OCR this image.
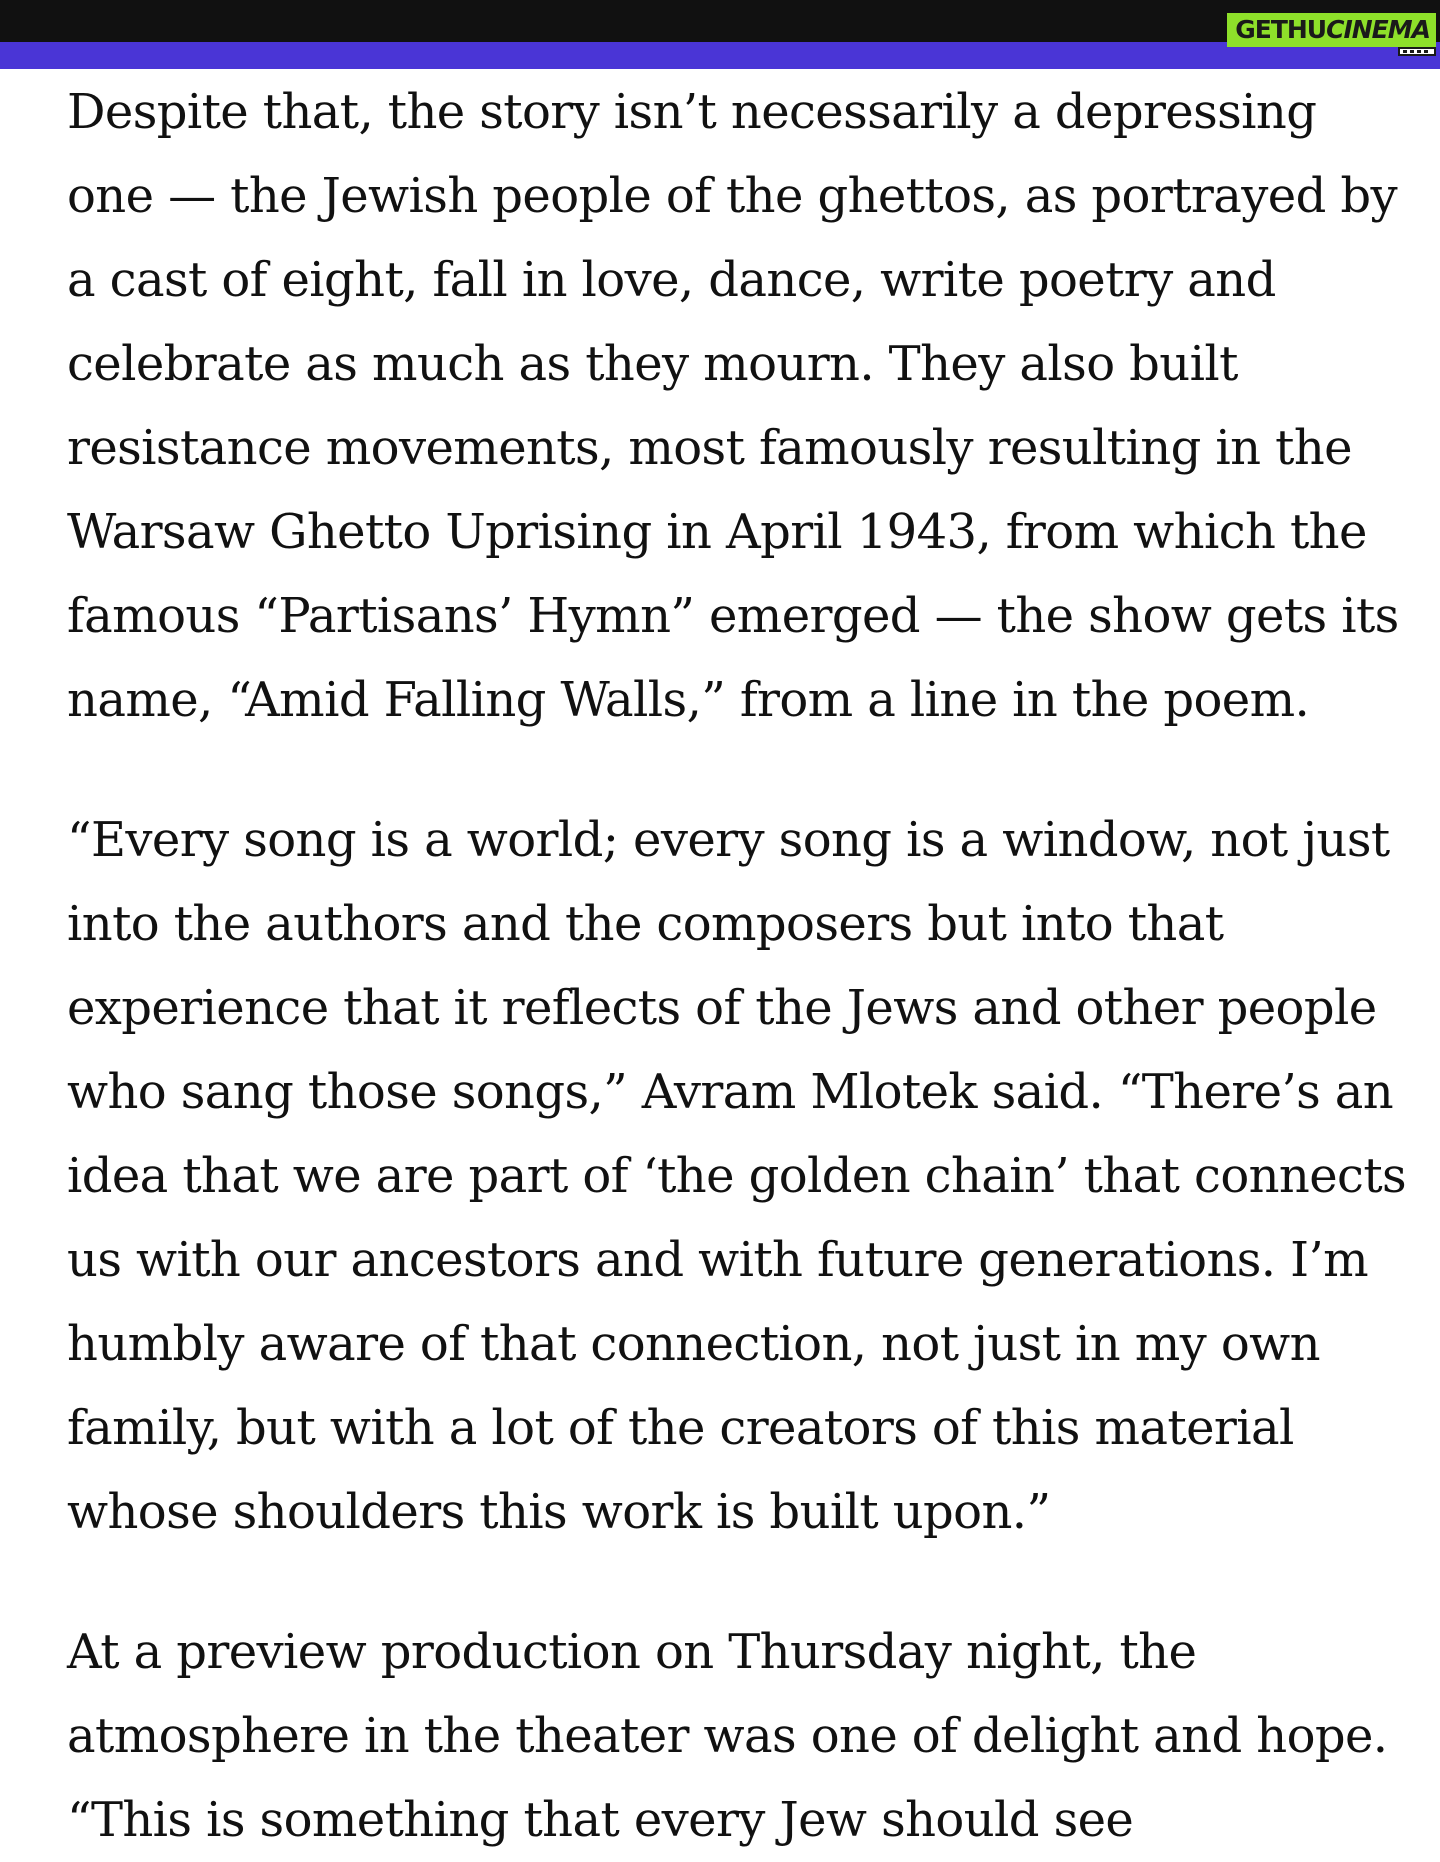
GETHU CINEMA

Despite that, the story isn’t necessarily a depressing
one — the Jewish people of the ghettos, as portrayed by
a cast of eight, fall in love, dance, write poetry and
celebrate as much as they mourn. They also built
resistance movements, most famously resulting in the
Warsaw Ghetto Uprising in April 1943, from which the
famous “Partisans’ Hymn” emerged — the show gets its
name, “Amid Falling Walls,” from a line in the poem.

“Every song is a world; every song is a window, not just
into the authors and the composers but into that
experience that it reflects of the Jews and other people
who sang those songs,” Avram Mlotek said. “There’s an
idea that we are part of ‘the golden chain’ that connects
us with our ancestors and with future generations. I’m
humbly aware of that connection, not just in my own
family, but with a lot of the creators of this material
whose shoulders this work is built upon.”

At a preview production on Thursday night, the
atmosphere in the theater was one of delight and hope.
“This is something that every Jew should see
